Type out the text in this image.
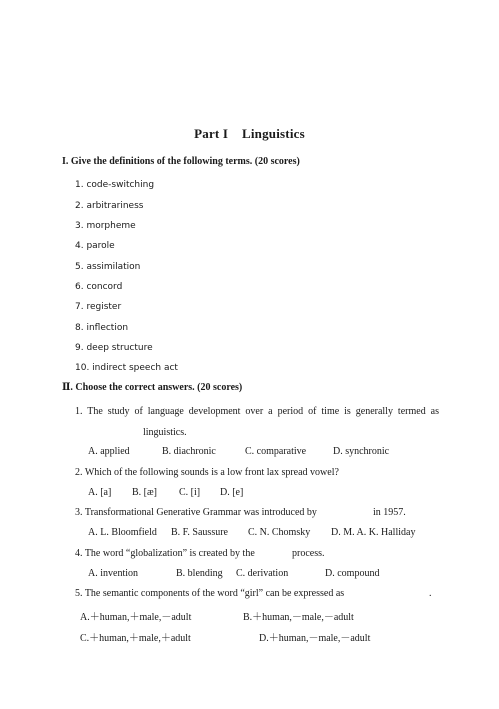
Part I    Linguistics
I. Give the definitions of the following terms. (20 scores)
1. code-switching
2. arbitrariness
3. morpheme
4. parole
5. assimilation
6. concord
7. register
8. inflection
9. deep structure
10. indirect speech act
Ⅱ. Choose the correct answers. (20 scores)
1. The study of language development over a period of time is generally termed as
linguistics.
A. applied	B. diachronic	C. comparative	D. synchronic
2. Which of the following sounds is a low front lax spread vowel?
A. [a] B. [æ] C. [i] D. [e]
3. Transformational Generative Grammar was introduced by	in 1957.
A. L. Bloomfield B. F. Saussure C. N. Chomsky D. M. A. K. Halliday
4. The word “globalization” is created by the	process.
A. invention	B. blending C. derivation	D. compound
5. The semantic components of the word “girl” can be expressed as	.
A.＋human,＋male,－adult	B.＋human,－male,－adult
C.＋human,＋male,＋adult	D.＋human,－male,－adult
